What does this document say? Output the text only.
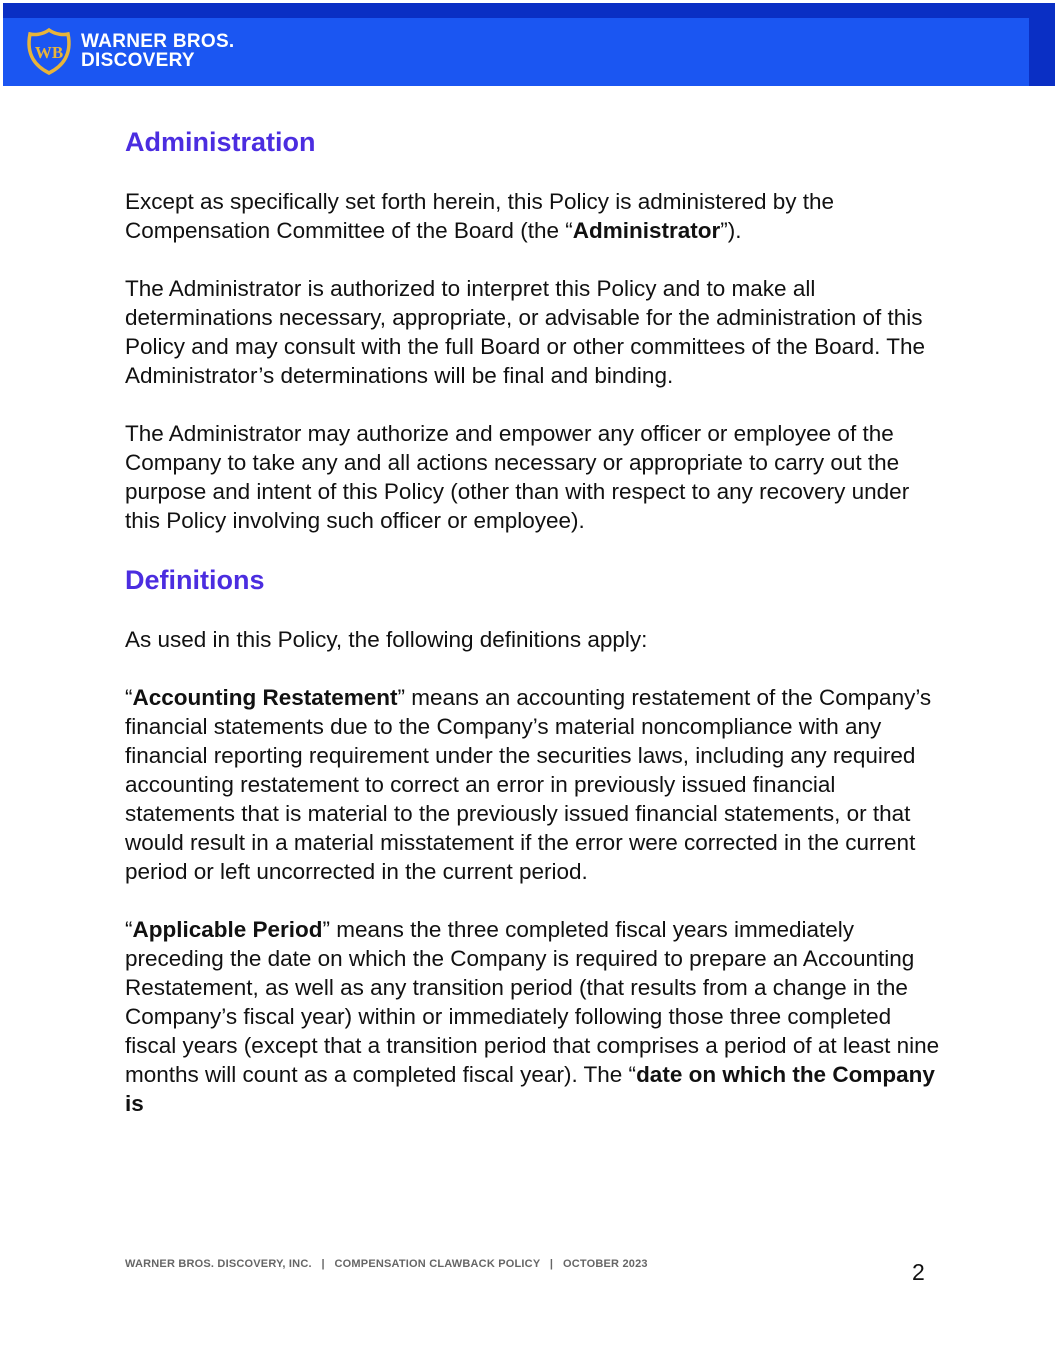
WB
WARNER BROS.
DISCOVERY
Administration

Except as specifically set forth herein, this Policy is administered by the Compensation Committee of the Board (the “Administrator”).

The Administrator is authorized to interpret this Policy and to make all determinations necessary, appropriate, or advisable for the administration of this Policy and may consult with the full Board or other committees of the Board. The Administrator’s determinations will be final and binding.

The Administrator may authorize and empower any officer or employee of the Company to take any and all actions necessary or appropriate to carry out the purpose and intent of this Policy (other than with respect to any recovery under this Policy involving such officer or employee).

Definitions

As used in this Policy, the following definitions apply:

“Accounting Restatement” means an accounting restatement of the Company’s financial statements due to the Company’s material noncompliance with any financial reporting requirement under the securities laws, including any required accounting restatement to correct an error in previously issued financial statements that is material to the previously issued financial statements, or that would result in a material misstatement if the error were corrected in the current period or left uncorrected in the current period.

“Applicable Period” means the three completed fiscal years immediately preceding the date on which the Company is required to prepare an Accounting Restatement, as well as any transition period (that results from a change in the Company’s fiscal year) within or immediately following those three completed fiscal years (except that a transition period that comprises a period of at least nine months will count as a completed fiscal year). The “date on which the Company is

WARNER BROS. DISCOVERY, INC.   |   COMPENSATION CLAWBACK POLICY   |   OCTOBER 2023	2
